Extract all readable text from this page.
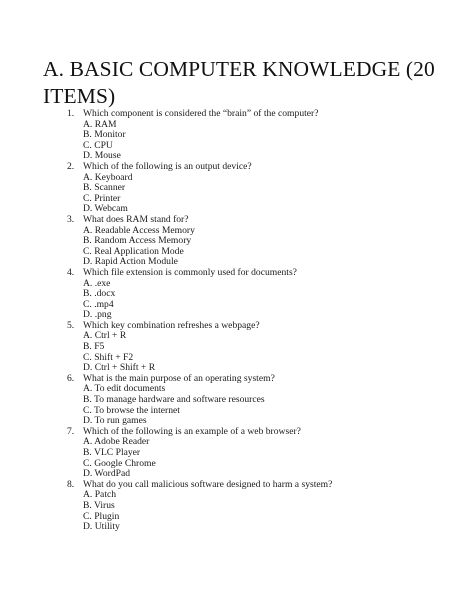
A. BASIC COMPUTER KNOWLEDGE (20 ITEMS)
1. Which component is considered the “brain” of the computer?
A. RAM
B. Monitor
C. CPU
D. Mouse
2. Which of the following is an output device?
A. Keyboard
B. Scanner
C. Printer
D. Webcam
3. What does RAM stand for?
A. Readable Access Memory
B. Random Access Memory
C. Real Application Mode
D. Rapid Action Module
4. Which file extension is commonly used for documents?
A. .exe
B. .docx
C. .mp4
D. .png
5. Which key combination refreshes a webpage?
A. Ctrl + R
B. F5
C. Shift + F2
D. Ctrl + Shift + R
6. What is the main purpose of an operating system?
A. To edit documents
B. To manage hardware and software resources
C. To browse the internet
D. To run games
7. Which of the following is an example of a web browser?
A. Adobe Reader
B. VLC Player
C. Google Chrome
D. WordPad
8. What do you call malicious software designed to harm a system?
A. Patch
B. Virus
C. Plugin
D. Utility
